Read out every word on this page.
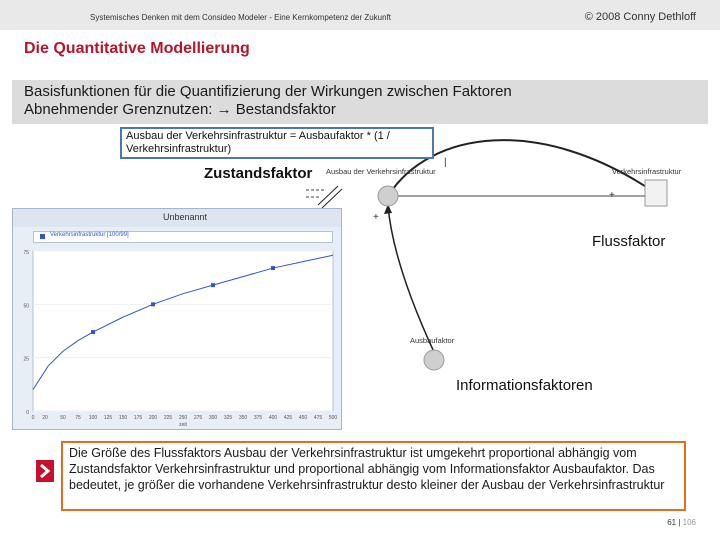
Systemisches Denken mit dem Consideo Modeler - Eine Kernkompetenz der Zukunft	© 2008 Conny Dethloff
Die Quantitative Modellierung
Basisfunktionen für die Quantifizierung der Wirkungen zwischen Faktoren
Abnehmender Grenznutzen: → Bestandsfaktor
Ausbau der Verkehrsinfrastruktur	Verkehrsinfrastruktur
Ausbaufaktor
+
+
|
Zustandsfaktor
Flussfaktor
Informationsfaktoren
Ausbau der Verkehrsinfrastruktur = Ausbaufaktor * (1 / Verkehrsinfrastruktur)
Unbenannt
Verkehrsinfrastruktur [100/99]
0
25
50
75
0 20 50 75 100 125 150 175 200 225 250 275 300 325 350 375 400 425 450 475 500
zeit
Die Größe des Flussfaktors Ausbau der Verkehrsinfrastruktur ist umgekehrt proportional abhängig vom Zustandsfaktor Verkehrsinfrastruktur und proportional abhängig vom Informationsfaktor Ausbaufaktor. Das bedeutet, je größer die vorhandene Verkehrsinfrastruktur desto kleiner der Ausbau der Verkehrsinfrastruktur
61 | 106
